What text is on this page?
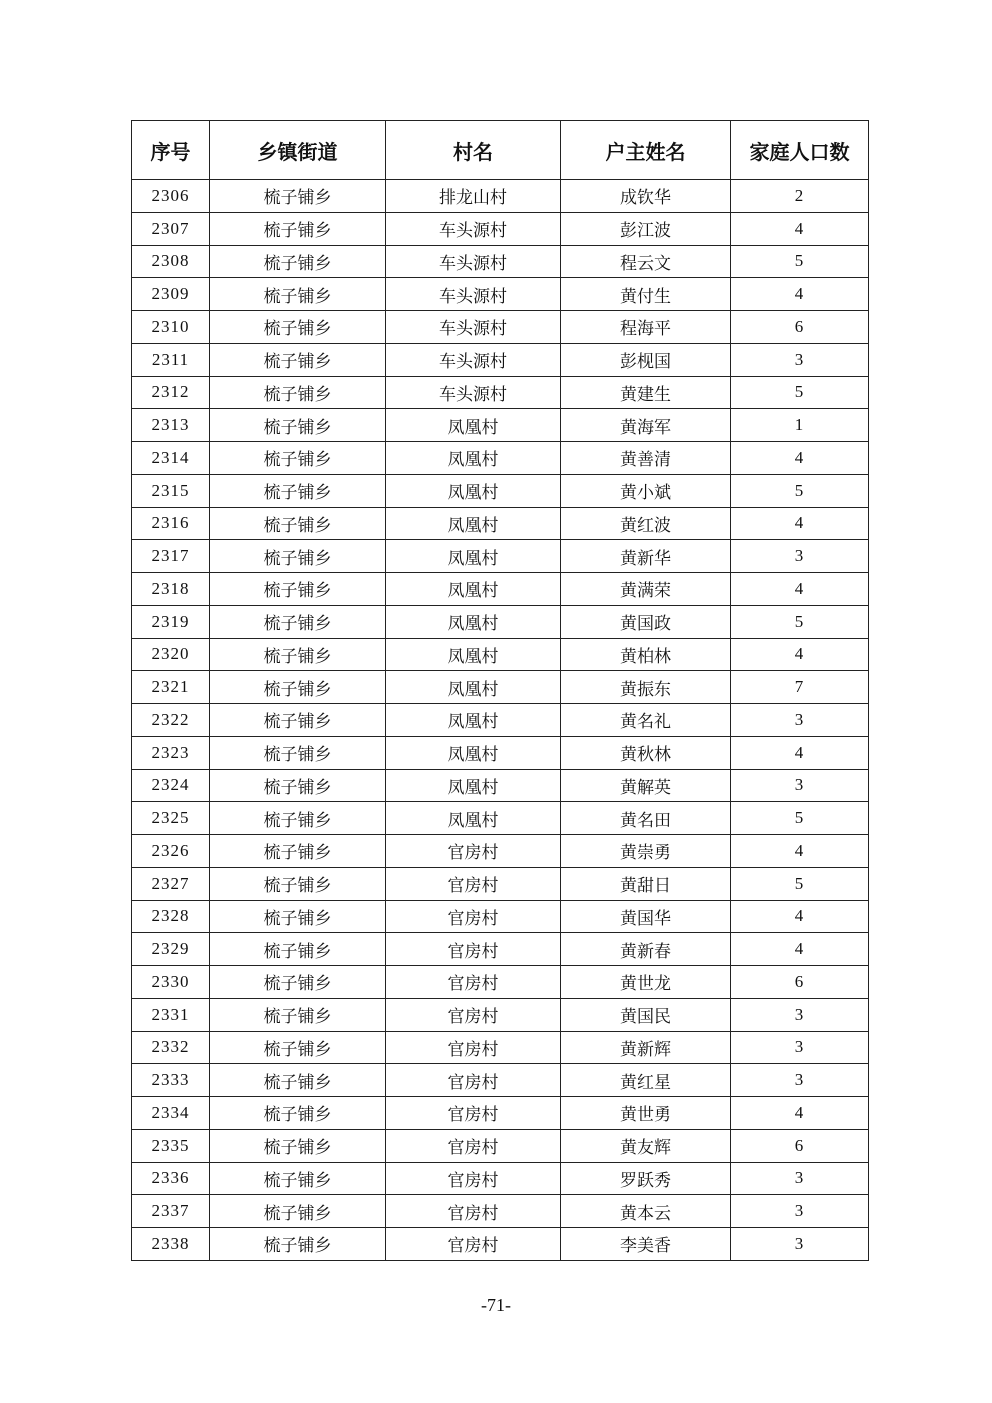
序号	乡镇街道	村名	户主姓名	家庭人口数
2306	梳子铺乡	排龙山村	成钦华	2
2307	梳子铺乡	车头源村	彭江波	4
2308	梳子铺乡	车头源村	程云文	5
2309	梳子铺乡	车头源村	黄付生	4
2310	梳子铺乡	车头源村	程海平	6
2311	梳子铺乡	车头源村	彭枧国	3
2312	梳子铺乡	车头源村	黄建生	5
2313	梳子铺乡	凤凰村	黄海军	1
2314	梳子铺乡	凤凰村	黄善清	4
2315	梳子铺乡	凤凰村	黄小斌	5
2316	梳子铺乡	凤凰村	黄红波	4
2317	梳子铺乡	凤凰村	黄新华	3
2318	梳子铺乡	凤凰村	黄满荣	4
2319	梳子铺乡	凤凰村	黄国政	5
2320	梳子铺乡	凤凰村	黄柏林	4
2321	梳子铺乡	凤凰村	黄振东	7
2322	梳子铺乡	凤凰村	黄名礼	3
2323	梳子铺乡	凤凰村	黄秋林	4
2324	梳子铺乡	凤凰村	黄解英	3
2325	梳子铺乡	凤凰村	黄名田	5
2326	梳子铺乡	官房村	黄崇勇	4
2327	梳子铺乡	官房村	黄甜日	5
2328	梳子铺乡	官房村	黄国华	4
2329	梳子铺乡	官房村	黄新春	4
2330	梳子铺乡	官房村	黄世龙	6
2331	梳子铺乡	官房村	黄国民	3
2332	梳子铺乡	官房村	黄新辉	3
2333	梳子铺乡	官房村	黄红星	3
2334	梳子铺乡	官房村	黄世勇	4
2335	梳子铺乡	官房村	黄友辉	6
2336	梳子铺乡	官房村	罗跃秀	3
2337	梳子铺乡	官房村	黄本云	3
2338	梳子铺乡	官房村	李美香	3
-71-
